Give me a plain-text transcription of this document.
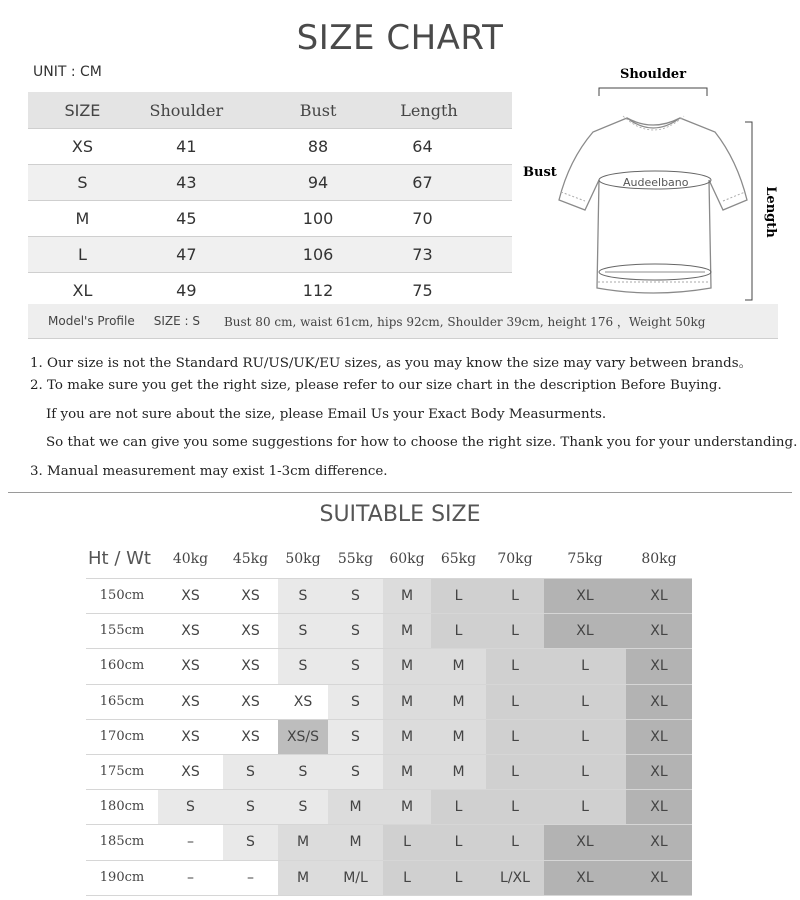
SIZE CHART
UNIT : CM
SIZE	Shoulder	Bust	Length
XS	41	88	64
S	43	94	67
M	45	100	70
L	47	106	73
XL	49	112	75
Model's Profile SIZE : S Bust 80 cm, waist 61cm, hips 92cm, Shoulder 39cm, height 176 ，Weight 50kg
Shoulder
Length
Bust
Audeelbano
1. Our size is not the Standard RU/US/UK/EU sizes, as you may know the size may vary between brands。
2. To make sure you get the right size, please refer to our size chart in the description Before Buying.
If you are not sure about the size, please Email Us your Exact Body Measurments.
So that we can give you some suggestions for how to choose the right size. Thank you for your understanding.
3. Manual measurement may exist 1-3cm difference.
SUITABLE SIZE
Ht / Wt	40kg	45kg	50kg	55kg	60kg	65kg	70kg	75kg	80kg
150cm	XS	XS	S	S	M	L	L	XL	XL
155cm	XS	XS	S	S	M	L	L	XL	XL
160cm	XS	XS	S	S	M	M	L	L	XL
165cm	XS	XS	XS	S	M	M	L	L	XL
170cm	XS	XS	XS/S	S	M	M	L	L	XL
175cm	XS	S	S	S	M	M	L	L	XL
180cm	S	S	S	M	M	L	L	L	XL
185cm	–	S	M	M	L	L	L	XL	XL
190cm	–	–	M	M/L	L	L	L/XL	XL	XL
